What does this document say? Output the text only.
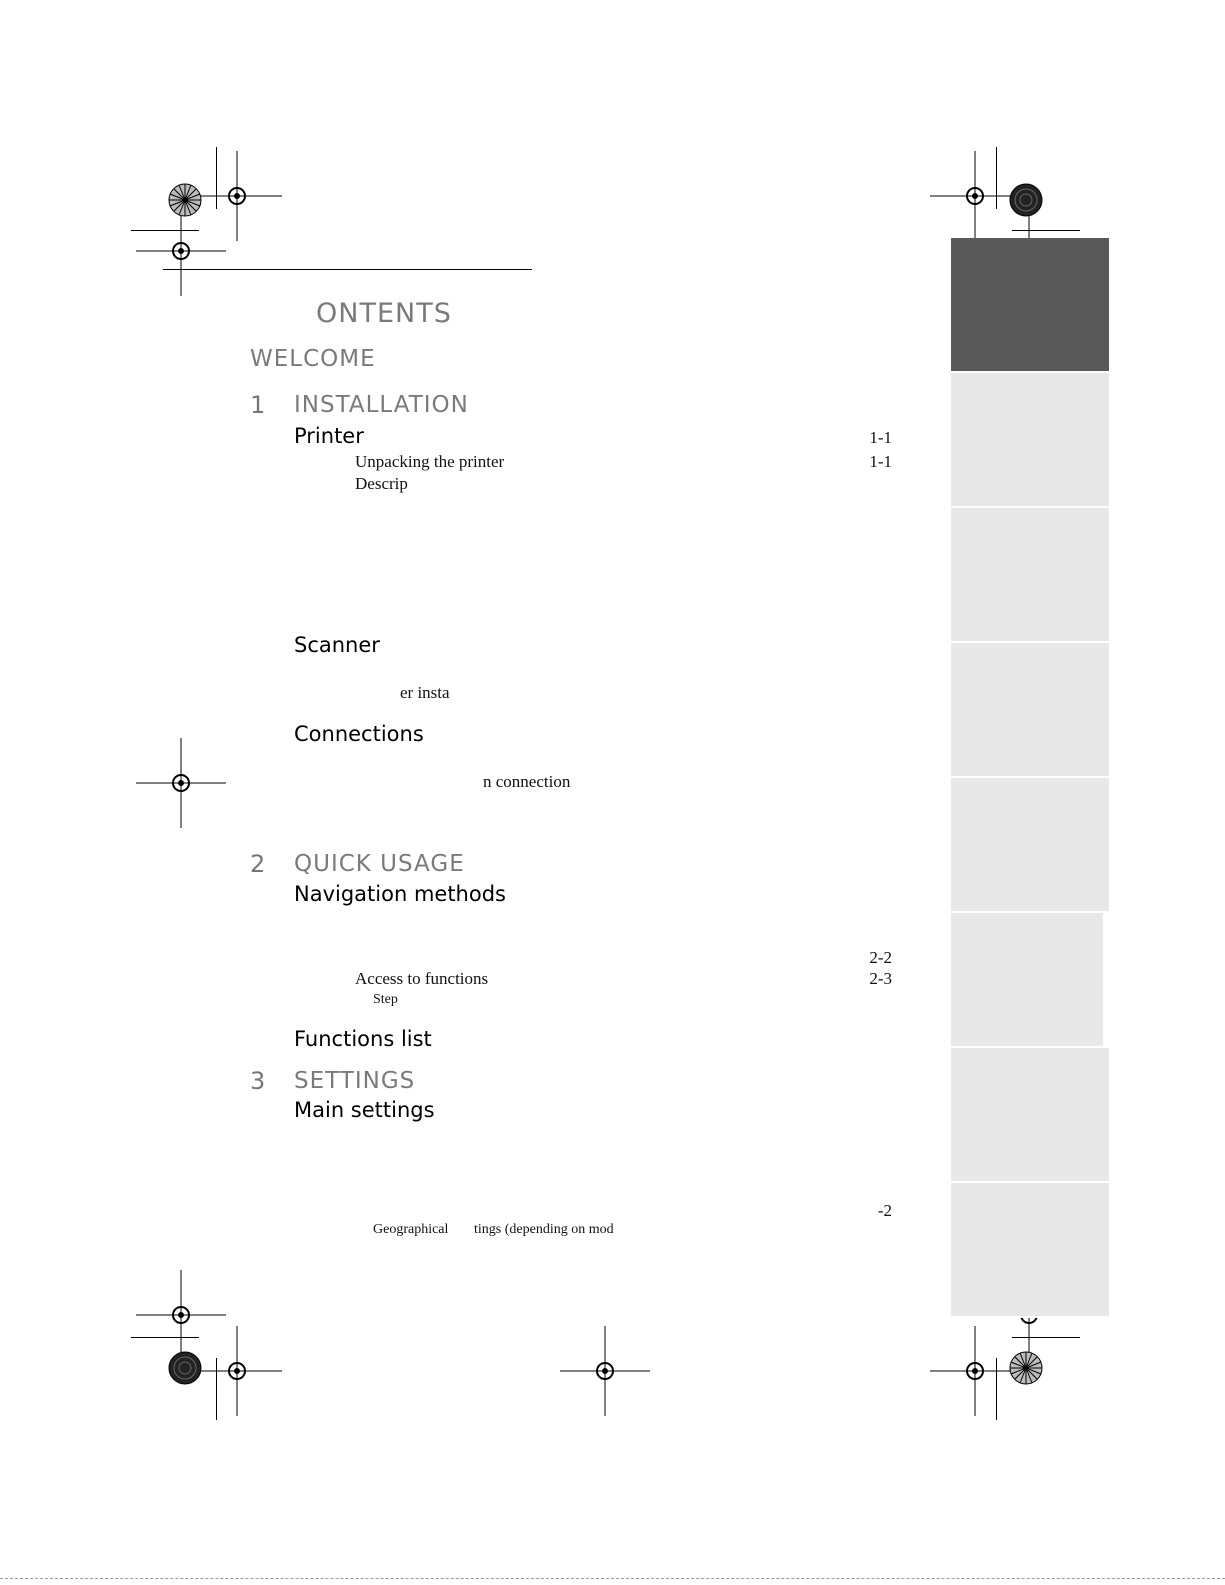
ONTENTS
WELCOME
1 INSTALLATION
Printer	1-1
Unpacking the printer	1-1
Descrip
Scanner
er insta
Connections
n connection
2 QUICK USAGE
Navigation methods
2-2
Access to functions	2-3
Step
Functions list
3 SETTINGS
Main settings
-2
Geographical tings (depending on mod
